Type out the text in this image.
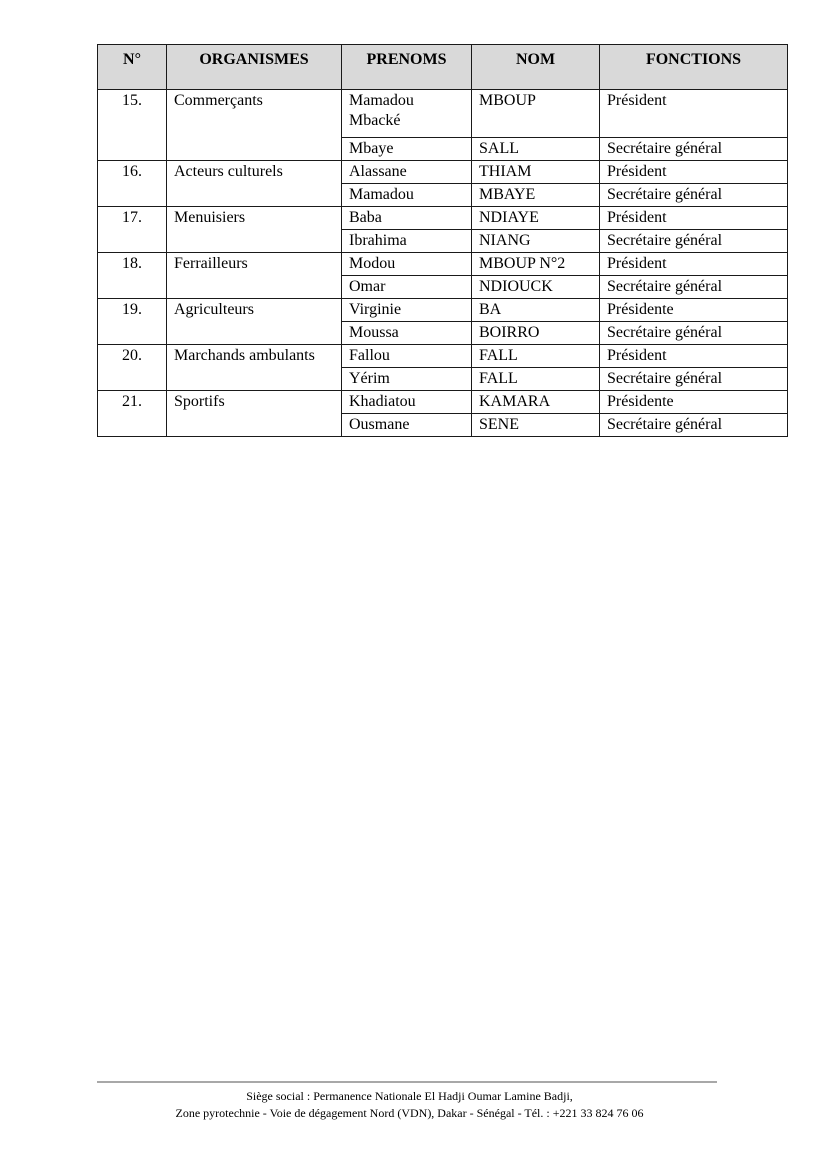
N°	ORGANISMES	PRENOMS	NOM	FONCTIONS
15.	Commerçants	Mamadou Mbacké	MBOUP	Président
		Mbaye	SALL	Secrétaire général
16.	Acteurs culturels	Alassane	THIAM	Président
		Mamadou	MBAYE	Secrétaire général
17.	Menuisiers	Baba	NDIAYE	Président
		Ibrahima	NIANG	Secrétaire général
18.	Ferrailleurs	Modou	MBOUP N°2	Président
		Omar	NDIOUCK	Secrétaire général
19.	Agriculteurs	Virginie	BA	Présidente
		Moussa	BOIRRO	Secrétaire général
20.	Marchands ambulants	Fallou	FALL	Président
		Yérim	FALL	Secrétaire général
21.	Sportifs	Khadiatou	KAMARA	Présidente
		Ousmane	SENE	Secrétaire général
Siège social : Permanence Nationale El Hadji Oumar Lamine Badji,
Zone pyrotechnie - Voie de dégagement Nord (VDN), Dakar - Sénégal - Tél. : +221 33 824 76 06
